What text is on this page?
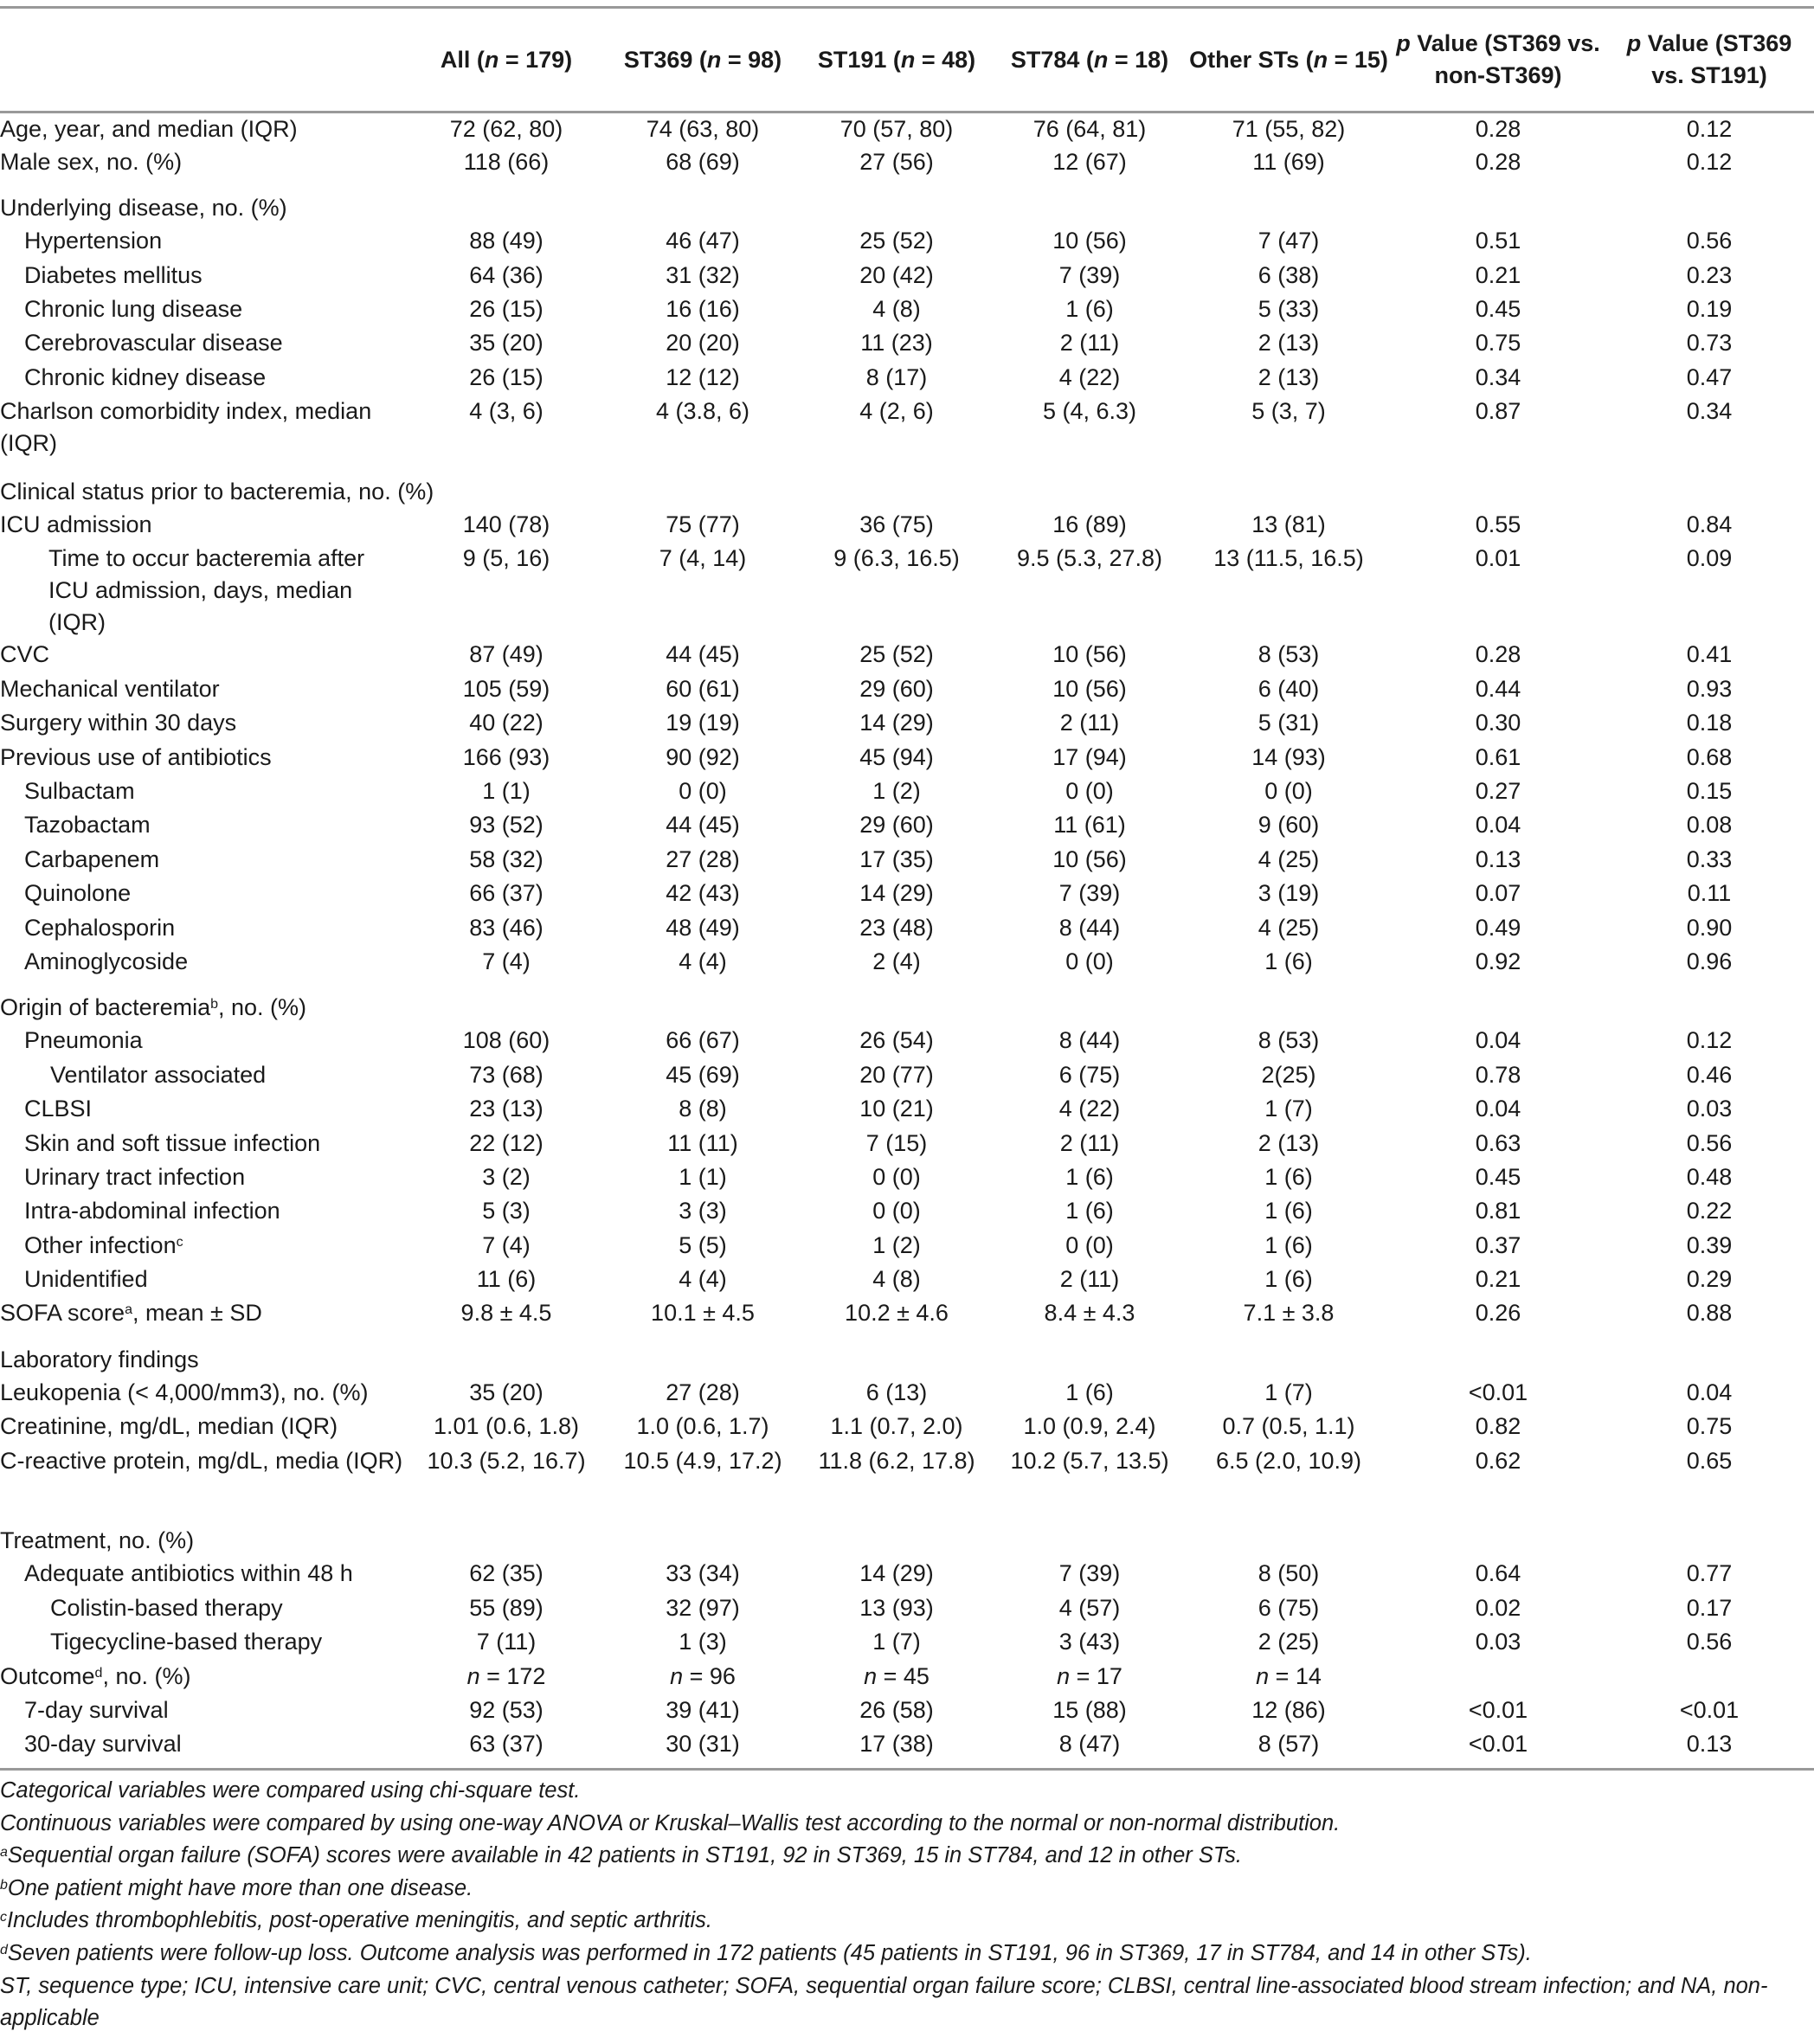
	All (n = 179)	ST369 (n = 98)	ST191 (n = 48)	ST784 (n = 18)	Other STs (n = 15)	p Value (ST369 vs. non-ST369)	p Value (ST369 vs. ST191)

Age, year, and median (IQR)	72 (62, 80)	74 (63, 80)	70 (57, 80)	76 (64, 81)	71 (55, 82)	0.28	0.12

Male sex, no. (%)	118 (66)	68 (69)	27 (56)	12 (67)	11 (69)	0.28	0.12

Underlying disease, no. (%)							

Hypertension	88 (49)	46 (47)	25 (52)	10 (56)	7 (47)	0.51	0.56

Diabetes mellitus	64 (36)	31 (32)	20 (42)	7 (39)	6 (38)	0.21	0.23

Chronic lung disease	26 (15)	16 (16)	4 (8)	1 (6)	5 (33)	0.45	0.19

Cerebrovascular disease	35 (20)	20 (20)	11 (23)	2 (11)	2 (13)	0.75	0.73

Chronic kidney disease	26 (15)	12 (12)	8 (17)	4 (22)	2 (13)	0.34	0.47

Charlson comorbidity index, median (IQR)	4 (3, 6)	4 (3.8, 6)	4 (2, 6)	5 (4, 6.3)	5 (3, 7)	0.87	0.34

Clinical status prior to bacteremia, no. (%)							

ICU admission	140 (78)	75 (77)	36 (75)	16 (89)	13 (81)	0.55	0.84

Time to occur bacteremia after ICU admission, days, median (IQR)	9 (5, 16)	7 (4, 14)	9 (6.3, 16.5)	9.5 (5.3, 27.8)	13 (11.5, 16.5)	0.01	0.09

CVC	87 (49)	44 (45)	25 (52)	10 (56)	8 (53)	0.28	0.41

Mechanical ventilator	105 (59)	60 (61)	29 (60)	10 (56)	6 (40)	0.44	0.93

Surgery within 30 days	40 (22)	19 (19)	14 (29)	2 (11)	5 (31)	0.30	0.18

Previous use of antibiotics	166 (93)	90 (92)	45 (94)	17 (94)	14 (93)	0.61	0.68

Sulbactam	1 (1)	0 (0)	1 (2)	0 (0)	0 (0)	0.27	0.15

Tazobactam	93 (52)	44 (45)	29 (60)	11 (61)	9 (60)	0.04	0.08

Carbapenem	58 (32)	27 (28)	17 (35)	10 (56)	4 (25)	0.13	0.33

Quinolone	66 (37)	42 (43)	14 (29)	7 (39)	3 (19)	0.07	0.11

Cephalosporin	83 (46)	48 (49)	23 (48)	8 (44)	4 (25)	0.49	0.90

Aminoglycoside	7 (4)	4 (4)	2 (4)	0 (0)	1 (6)	0.92	0.96

Origin of bacteremia$^b$, no. (%)							

Pneumonia	108 (60)	66 (67)	26 (54)	8 (44)	8 (53)	0.04	0.12

Ventilator associated	73 (68)	45 (69)	20 (77)	6 (75)	2(25)	0.78	0.46

CLBSI	23 (13)	8 (8)	10 (21)	4 (22)	1 (7)	0.04	0.03

Skin and soft tissue infection	22 (12)	11 (11)	7 (15)	2 (11)	2 (13)	0.63	0.56

Urinary tract infection	3 (2)	1 (1)	0 (0)	1 (6)	1 (6)	0.45	0.48

Intra-abdominal infection	5 (3)	3 (3)	0 (0)	1 (6)	1 (6)	0.81	0.22

Other infection$^c$	7 (4)	5 (5)	1 (2)	0 (0)	1 (6)	0.37	0.39

Unidentified	11 (6)	4 (4)	4 (8)	2 (11)	1 (6)	0.21	0.29

SOFA score$^a$, mean ± SD	9.8 ± 4.5	10.1 ± 4.5	10.2 ± 4.6	8.4 ± 4.3	7.1 ± 3.8	0.26	0.88

Laboratory findings							

Leukopenia (< 4,000/mm3), no. (%)	35 (20)	27 (28)	6 (13)	1 (6)	1 (7)	<0.01	0.04

Creatinine, mg/dL, median (IQR)	1.01 (0.6, 1.8)	1.0 (0.6, 1.7)	1.1 (0.7, 2.0)	1.0 (0.9, 2.4)	0.7 (0.5, 1.1)	0.82	0.75

C-reactive protein, mg/dL, media (IQR)	10.3 (5.2, 16.7)	10.5 (4.9, 17.2)	11.8 (6.2, 17.8)	10.2 (5.7, 13.5)	6.5 (2.0, 10.9)	0.62	0.65

Treatment, no. (%)							

Adequate antibiotics within 48 h	62 (35)	33 (34)	14 (29)	7 (39)	8 (50)	0.64	0.77

Colistin-based therapy	55 (89)	32 (97)	13 (93)	4 (57)	6 (75)	0.02	0.17

Tigecycline-based therapy	7 (11)	1 (3)	1 (7)	3 (43)	2 (25)	0.03	0.56

Outcome$^d$, no. (%)	n = 172	n = 96	n = 45	n = 17	n = 14		

7-day survival	92 (53)	39 (41)	26 (58)	15 (88)	12 (86)	<0.01	<0.01

30-day survival	63 (37)	30 (31)	17 (38)	8 (47)	8 (57)	<0.01	0.13
Categorical variables were compared using chi-square test.
Continuous variables were compared by using one-way ANOVA or Kruskal–Wallis test according to the normal or non-normal distribution.
$^a$Sequential organ failure (SOFA) scores were available in 42 patients in ST191, 92 in ST369, 15 in ST784, and 12 in other STs.
$^b$One patient might have more than one disease.
$^c$Includes thrombophlebitis, post-operative meningitis, and septic arthritis.
$^d$Seven patients were follow-up loss. Outcome analysis was performed in 172 patients (45 patients in ST191, 96 in ST369, 17 in ST784, and 14 in other STs).
ST, sequence type; ICU, intensive care unit; CVC, central venous catheter; SOFA, sequential organ failure score; CLBSI, central line-associated blood stream infection; and NA, non-applicable
